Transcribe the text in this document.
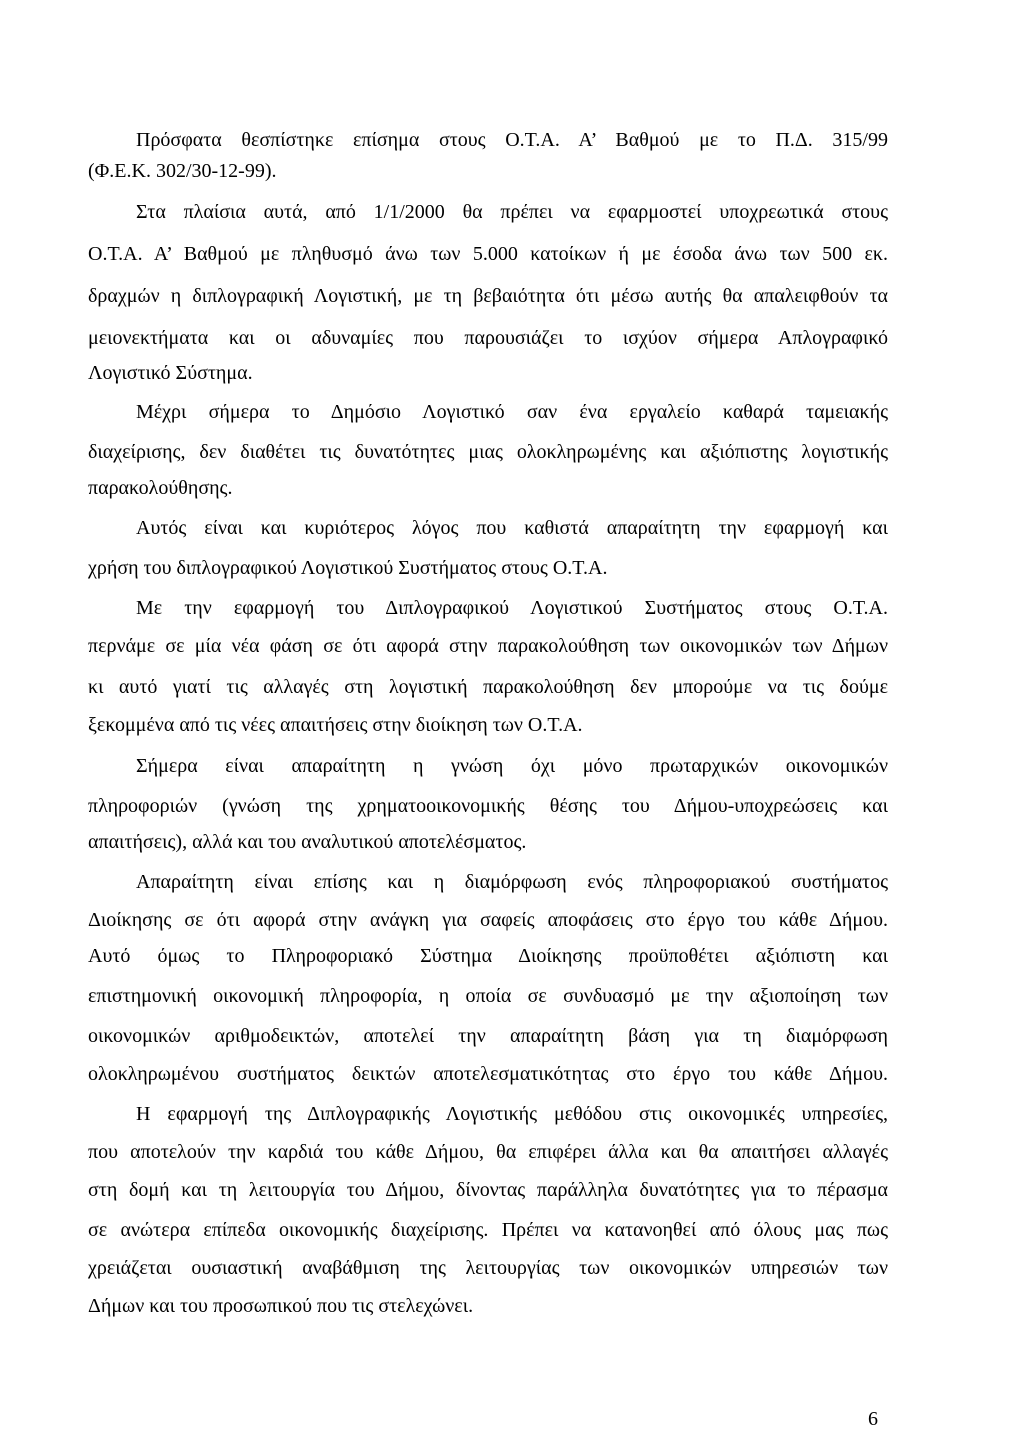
Πρόσφατα θεσπίστηκε επίσημα στους Ο.Τ.Α. Α’ Βαθμού με το Π.Δ. 315/99
(Φ.Ε.Κ. 302/30-12-99).
Στα πλαίσια αυτά, από 1/1/2000 θα πρέπει να εφαρμοστεί υποχρεωτικά στους
Ο.Τ.Α. Α’ Βαθμού με πληθυσμό άνω των 5.000 κατοίκων ή με έσοδα άνω των 500 εκ.
δραχμών η διπλογραφική Λογιστική, με τη βεβαιότητα ότι μέσω αυτής θα απαλειφθούν τα
μειονεκτήματα και οι αδυναμίες που παρουσιάζει το ισχύον σήμερα Απλογραφικό
Λογιστικό Σύστημα.
Μέχρι σήμερα το Δημόσιο Λογιστικό σαν ένα εργαλείο καθαρά ταμειακής
διαχείρισης, δεν διαθέτει τις δυνατότητες μιας ολοκληρωμένης και αξιόπιστης λογιστικής
παρακολούθησης.
Αυτός είναι και κυριότερος λόγος που καθιστά απαραίτητη την εφαρμογή και
χρήση του διπλογραφικού Λογιστικού Συστήματος στους Ο.Τ.Α.
Με την εφαρμογή του Διπλογραφικού Λογιστικού Συστήματος στους Ο.Τ.Α.
περνάμε σε μία νέα φάση σε ότι αφορά στην παρακολούθηση των οικονομικών των Δήμων
κι αυτό γιατί τις αλλαγές στη λογιστική παρακολούθηση δεν μπορούμε να τις δούμε
ξεκομμένα από τις νέες απαιτήσεις στην διοίκηση των Ο.Τ.Α.
Σήμερα είναι απαραίτητη η γνώση όχι μόνο πρωταρχικών οικονομικών
πληροφοριών (γνώση της χρηματοοικονομικής θέσης του Δήμου-υποχρεώσεις και
απαιτήσεις), αλλά και του αναλυτικού αποτελέσματος.
Απαραίτητη είναι επίσης και η διαμόρφωση ενός πληροφοριακού συστήματος
Διοίκησης σε ότι αφορά στην ανάγκη για σαφείς αποφάσεις στο έργο του κάθε Δήμου.
Αυτό όμως το Πληροφοριακό Σύστημα Διοίκησης προϋποθέτει αξιόπιστη και
επιστημονική οικονομική πληροφορία, η οποία σε συνδυασμό με την αξιοποίηση των
οικονομικών αριθμοδεικτών, αποτελεί την απαραίτητη βάση για τη διαμόρφωση
ολοκληρωμένου συστήματος δεικτών αποτελεσματικότητας στο έργο του κάθε Δήμου.
Η εφαρμογή της Διπλογραφικής Λογιστικής μεθόδου στις οικονομικές υπηρεσίες,
που αποτελούν την καρδιά του κάθε Δήμου, θα επιφέρει άλλα και θα απαιτήσει αλλαγές
στη δομή και τη λειτουργία του Δήμου, δίνοντας παράλληλα δυνατότητες για το πέρασμα
σε ανώτερα επίπεδα οικονομικής διαχείρισης. Πρέπει να κατανοηθεί από όλους μας πως
χρειάζεται ουσιαστική αναβάθμιση της λειτουργίας των οικονομικών υπηρεσιών των
Δήμων και του προσωπικού που τις στελεχώνει.
6
